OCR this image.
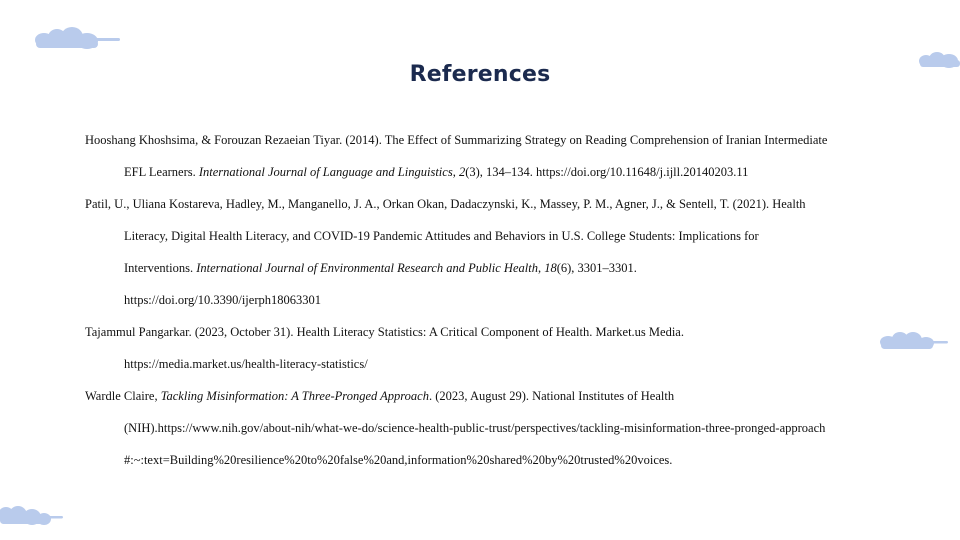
References
Hooshang Khoshsima, & Forouzan Rezaeian Tiyar. (2014). The Effect of Summarizing Strategy on Reading Comprehension of Iranian Intermediate
EFL Learners. International Journal of Language and Linguistics, 2(3), 134–134. https://doi.org/10.11648/j.ijll.20140203.11
Patil, U., Uliana Kostareva, Hadley, M., Manganello, J. A., Orkan Okan, Dadaczynski, K., Massey, P. M., Agner, J., & Sentell, T. (2021). Health
Literacy, Digital Health Literacy, and COVID-19 Pandemic Attitudes and Behaviors in U.S. College Students: Implications for
Interventions. International Journal of Environmental Research and Public Health, 18(6), 3301–3301.
https://doi.org/10.3390/ijerph18063301
Tajammul Pangarkar. (2023, October 31). Health Literacy Statistics: A Critical Component of Health. Market.us Media.
https://media.market.us/health-literacy-statistics/
Wardle Claire, Tackling Misinformation: A Three-Pronged Approach. (2023, August 29). National Institutes of Health
(NIH).https://www.nih.gov/about-nih/what-we-do/science-health-public-trust/perspectives/tackling-misinformation-three-pronged-approach
#:~:text=Building%20resilience%20to%20false%20and,information%20shared%20by%20trusted%20voices.
